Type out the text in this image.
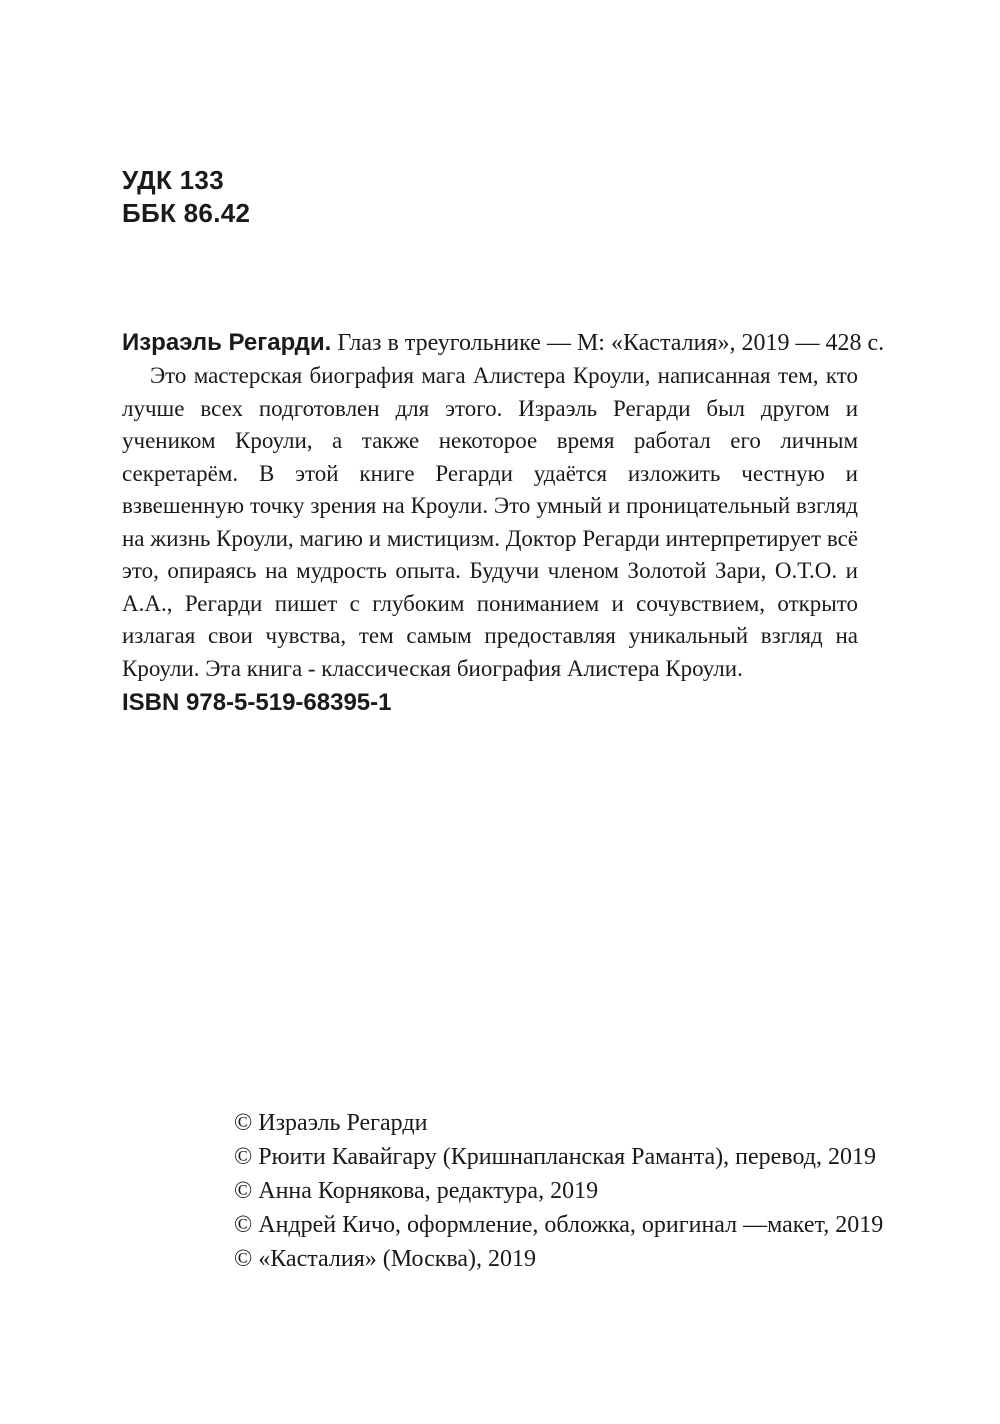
УДК 133
ББК 86.42
Израэль Регарди. Глаз в треугольнике — М: «Касталия», 2019 — 428 с.

Это мастерская биография мага Алистера Кроули, написанная тем, кто лучше всех подготовлен для этого. Израэль Регарди был другом и учеником Кроули, а также некоторое время работал его личным секретарём. В этой книге Регарди удаётся изложить честную и взвешенную точку зрения на Кроули. Это умный и проницательный взгляд на жизнь Кроули, магию и мистицизм. Доктор Регарди интерпретирует всё это, опираясь на мудрость опыта. Будучи членом Золотой Зари, О.Т.О. и А.А., Регарди пишет с глубоким пониманием и сочувствием, открыто излагая свои чувства, тем самым предоставляя уникальный взгляд на Кроули. Эта книга - классическая биография Алистера Кроули.

ISBN 978-5-519-68395-1
© Израэль Регарди
© Рюити Кавайгару (Кришнапланская Раманта), перевод, 2019
© Анна Корнякова, редактура, 2019
© Андрей Кичо, оформление, обложка, оригинал —макет, 2019
© «Касталия» (Москва), 2019
